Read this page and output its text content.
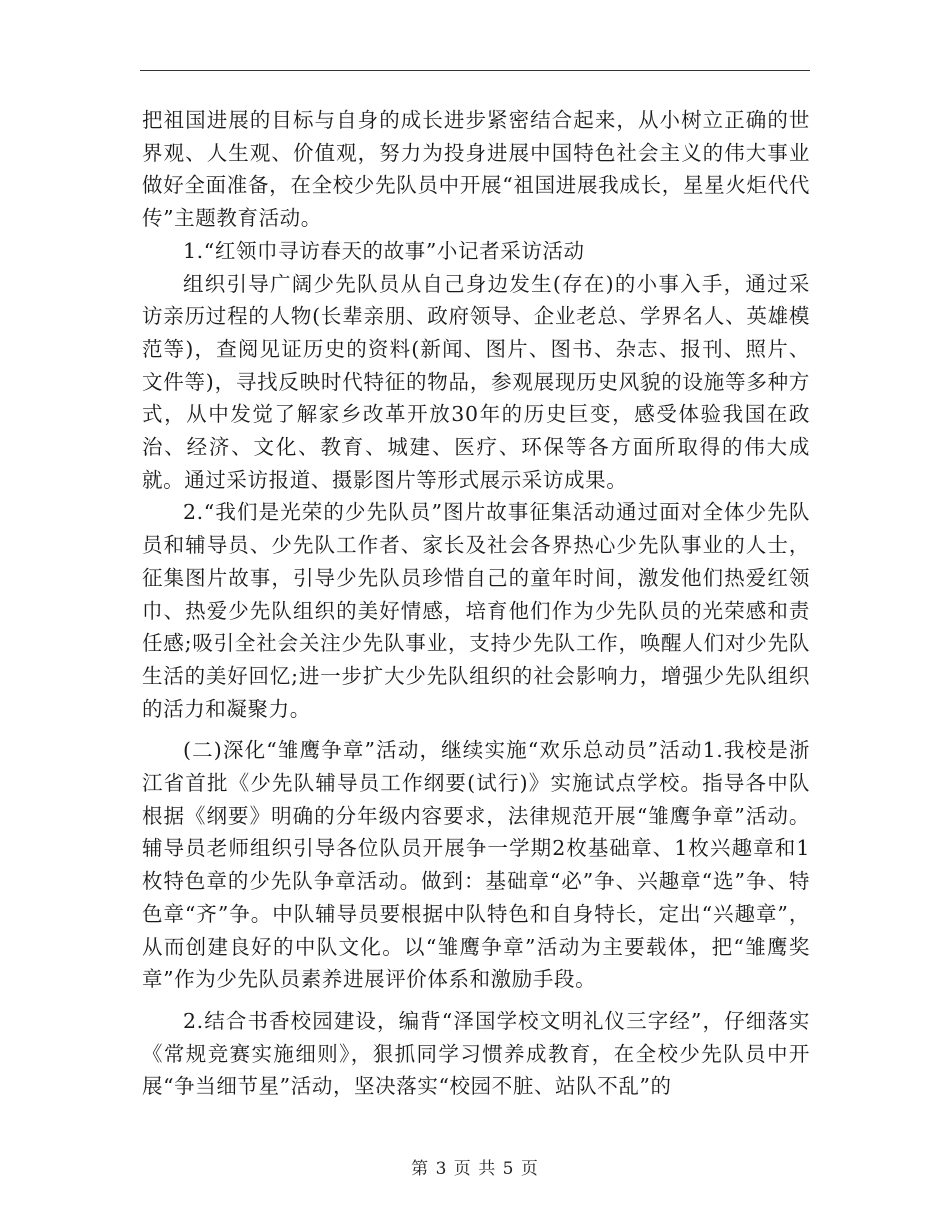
把祖国进展的目标与自身的成长进步紧密结合起来，从小树立正确的世界观、人生观、价值观，努力为投身进展中国特色社会主义的伟大事业做好全面准备，在全校少先队员中开展“祖国进展我成长，星星火炬代代传”主题教育活动。

1.“红领巾寻访春天的故事”小记者采访活动

组织引导广阔少先队员从自己身边发生(存在)的小事入手，通过采访亲历过程的人物(长辈亲朋、政府领导、企业老总、学界名人、英雄模范等)，查阅见证历史的资料(新闻、图片、图书、杂志、报刊、照片、文件等)，寻找反映时代特征的物品，参观展现历史风貌的设施等多种方式，从中发觉了解家乡改革开放30年的历史巨变，感受体验我国在政治、经济、文化、教育、城建、医疗、环保等各方面所取得的伟大成就。通过采访报道、摄影图片等形式展示采访成果。

2.“我们是光荣的少先队员”图片故事征集活动通过面对全体少先队员和辅导员、少先队工作者、家长及社会各界热心少先队事业的人士，征集图片故事，引导少先队员珍惜自己的童年时间，激发他们热爱红领巾、热爱少先队组织的美好情感，培育他们作为少先队员的光荣感和责任感;吸引全社会关注少先队事业，支持少先队工作，唤醒人们对少先队生活的美好回忆;进一步扩大少先队组织的社会影响力，增强少先队组织的活力和凝聚力。

(二)深化“雏鹰争章”活动，继续实施“欢乐总动员”活动1.我校是浙江省首批《少先队辅导员工作纲要(试行)》实施试点学校。指导各中队根据《纲要》明确的分年级内容要求，法律规范开展“雏鹰争章”活动。辅导员老师组织引导各位队员开展争一学期2枚基础章、1枚兴趣章和1枚特色章的少先队争章活动。做到：基础章“必”争、兴趣章“选”争、特色章“齐”争。中队辅导员要根据中队特色和自身特长，定出“兴趣章”，从而创建良好的中队文化。以“雏鹰争章”活动为主要载体，把“雏鹰奖章”作为少先队员素养进展评价体系和激励手段。

2.结合书香校园建设，编背“泽国学校文明礼仪三字经”，仔细落实《常规竞赛实施细则》，狠抓同学习惯养成教育，在全校少先队员中开展“争当细节星”活动，坚决落实“校园不脏、站队不乱”的

第 3 页 共 5 页
